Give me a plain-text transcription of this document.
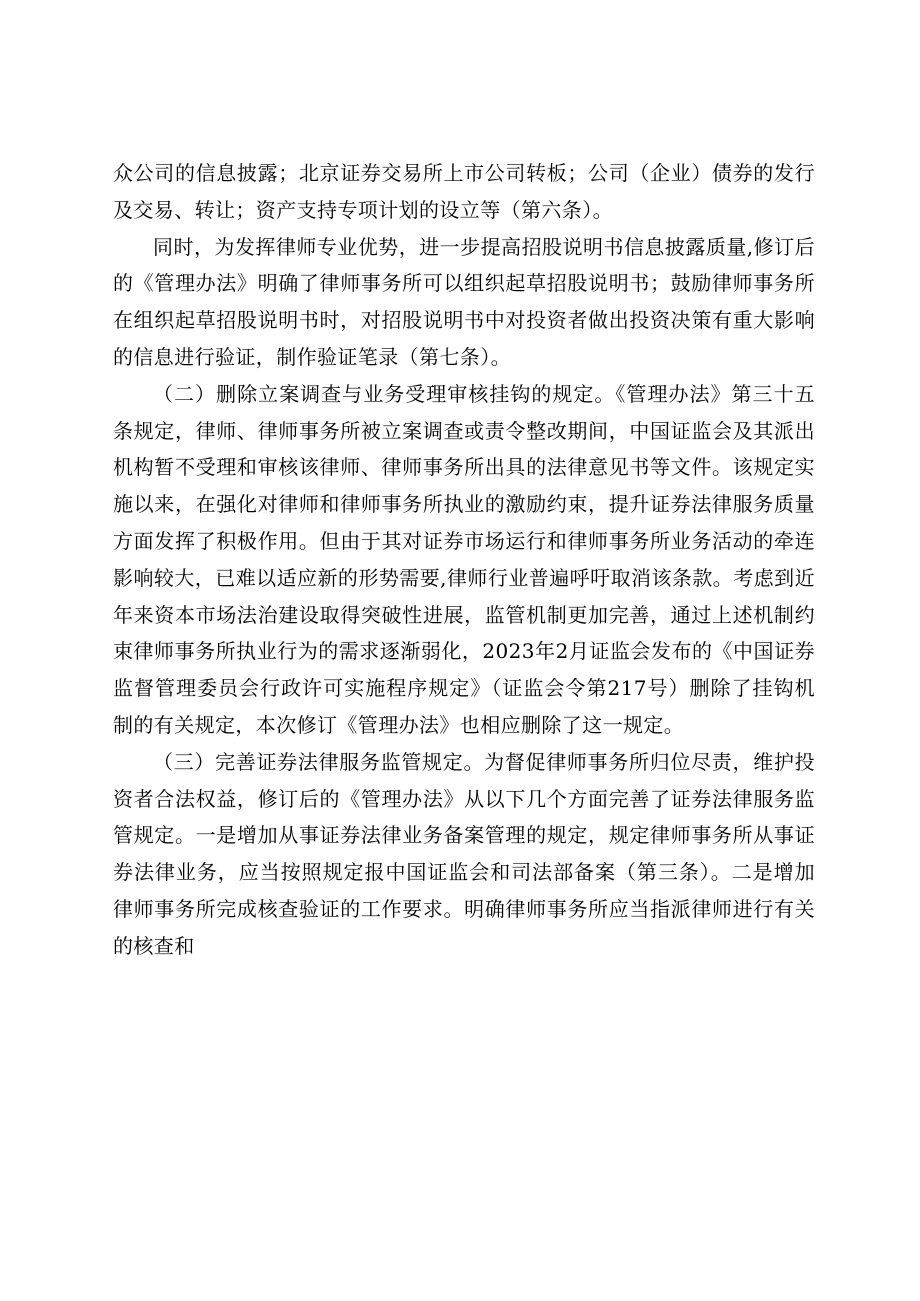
众公司的信息披露；北京证券交易所上市公司转板；公司（企业）债券的发行及交易、转让；资产支持专项计划的设立等（第六条）。

同时，为发挥律师专业优势，进一步提高招股说明书信息披露质量,修订后的《管理办法》明确了律师事务所可以组织起草招股说明书；鼓励律师事务所在组织起草招股说明书时，对招股说明书中对投资者做出投资决策有重大影响的信息进行验证，制作验证笔录（第七条）。

（二）删除立案调查与业务受理审核挂钩的规定。《管理办法》第三十五条规定，律师、律师事务所被立案调查或责令整改期间，中国证监会及其派出机构暂不受理和审核该律师、律师事务所出具的法律意见书等文件。该规定实施以来，在强化对律师和律师事务所执业的激励约束，提升证券法律服务质量方面发挥了积极作用。但由于其对证券市场运行和律师事务所业务活动的牵连影响较大，已难以适应新的形势需要,律师行业普遍呼吁取消该条款。考虑到近年来资本市场法治建设取得突破性进展，监管机制更加完善，通过上述机制约束律师事务所执业行为的需求逐渐弱化，2023年2月证监会发布的《中国证券监督管理委员会行政许可实施程序规定》（证监会令第217号）删除了挂钩机制的有关规定，本次修订《管理办法》也相应删除了这一规定。

（三）完善证券法律服务监管规定。为督促律师事务所归位尽责，维护投资者合法权益，修订后的《管理办法》从以下几个方面完善了证券法律服务监管规定。一是增加从事证券法律业务备案管理的规定，规定律师事务所从事证券法律业务，应当按照规定报中国证监会和司法部备案（第三条）。二是增加律师事务所完成核查验证的工作要求。明确律师事务所应当指派律师进行有关的核查和
